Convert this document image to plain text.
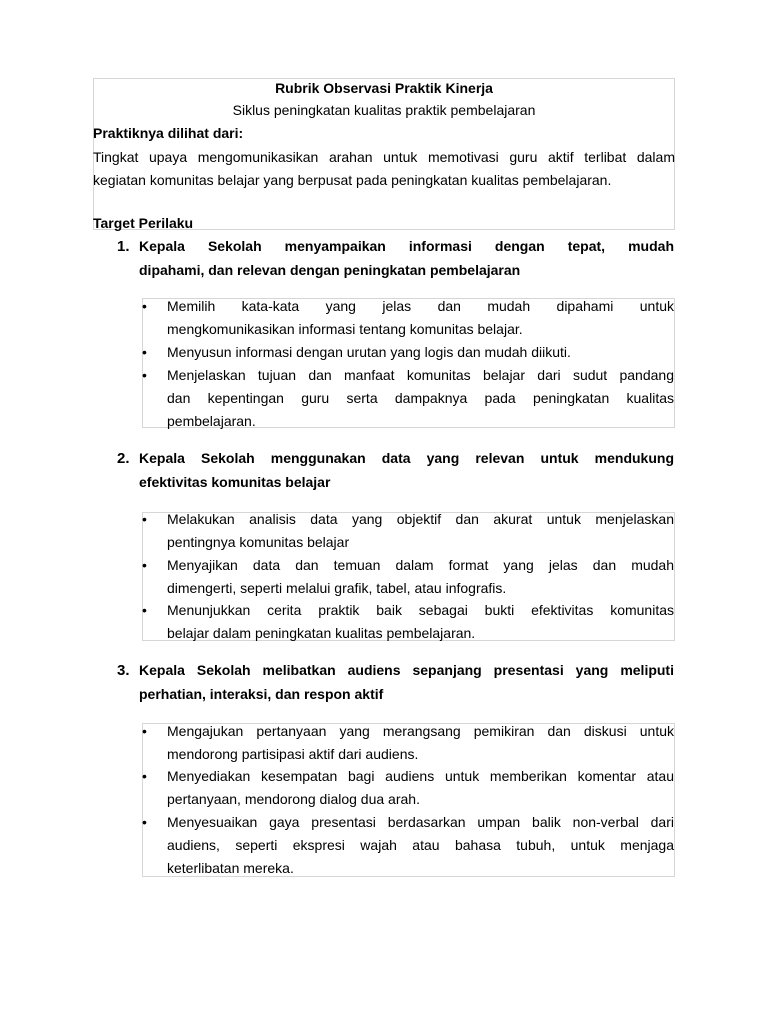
Rubrik Observasi Praktik Kinerja
Siklus peningkatan kualitas praktik pembelajaran
Praktiknya dilihat dari:
Tingkat upaya mengomunikasikan arahan untuk memotivasi guru aktif terlibat dalam
kegiatan komunitas belajar yang berpusat pada peningkatan kualitas pembelajaran.
Target Perilaku
1. Kepala Sekolah menyampaikan informasi dengan tepat, mudah
dipahami, dan relevan dengan peningkatan pembelajaran
• Memilih kata-kata yang jelas dan mudah dipahami untuk
mengkomunikasikan informasi tentang komunitas belajar.
• Menyusun informasi dengan urutan yang logis dan mudah diikuti.
• Menjelaskan tujuan dan manfaat komunitas belajar dari sudut pandang
dan kepentingan guru serta dampaknya pada peningkatan kualitas
pembelajaran.
2. Kepala Sekolah menggunakan data yang relevan untuk mendukung
efektivitas komunitas belajar
• Melakukan analisis data yang objektif dan akurat untuk menjelaskan
pentingnya komunitas belajar
• Menyajikan data dan temuan dalam format yang jelas dan mudah
dimengerti, seperti melalui grafik, tabel, atau infografis.
• Menunjukkan cerita praktik baik sebagai bukti efektivitas komunitas
belajar dalam peningkatan kualitas pembelajaran.
3. Kepala Sekolah melibatkan audiens sepanjang presentasi yang meliputi
perhatian, interaksi, dan respon aktif
• Mengajukan pertanyaan yang merangsang pemikiran dan diskusi untuk
mendorong partisipasi aktif dari audiens.
• Menyediakan kesempatan bagi audiens untuk memberikan komentar atau
pertanyaan, mendorong dialog dua arah.
• Menyesuaikan gaya presentasi berdasarkan umpan balik non-verbal dari
audiens, seperti ekspresi wajah atau bahasa tubuh, untuk menjaga
keterlibatan mereka.
